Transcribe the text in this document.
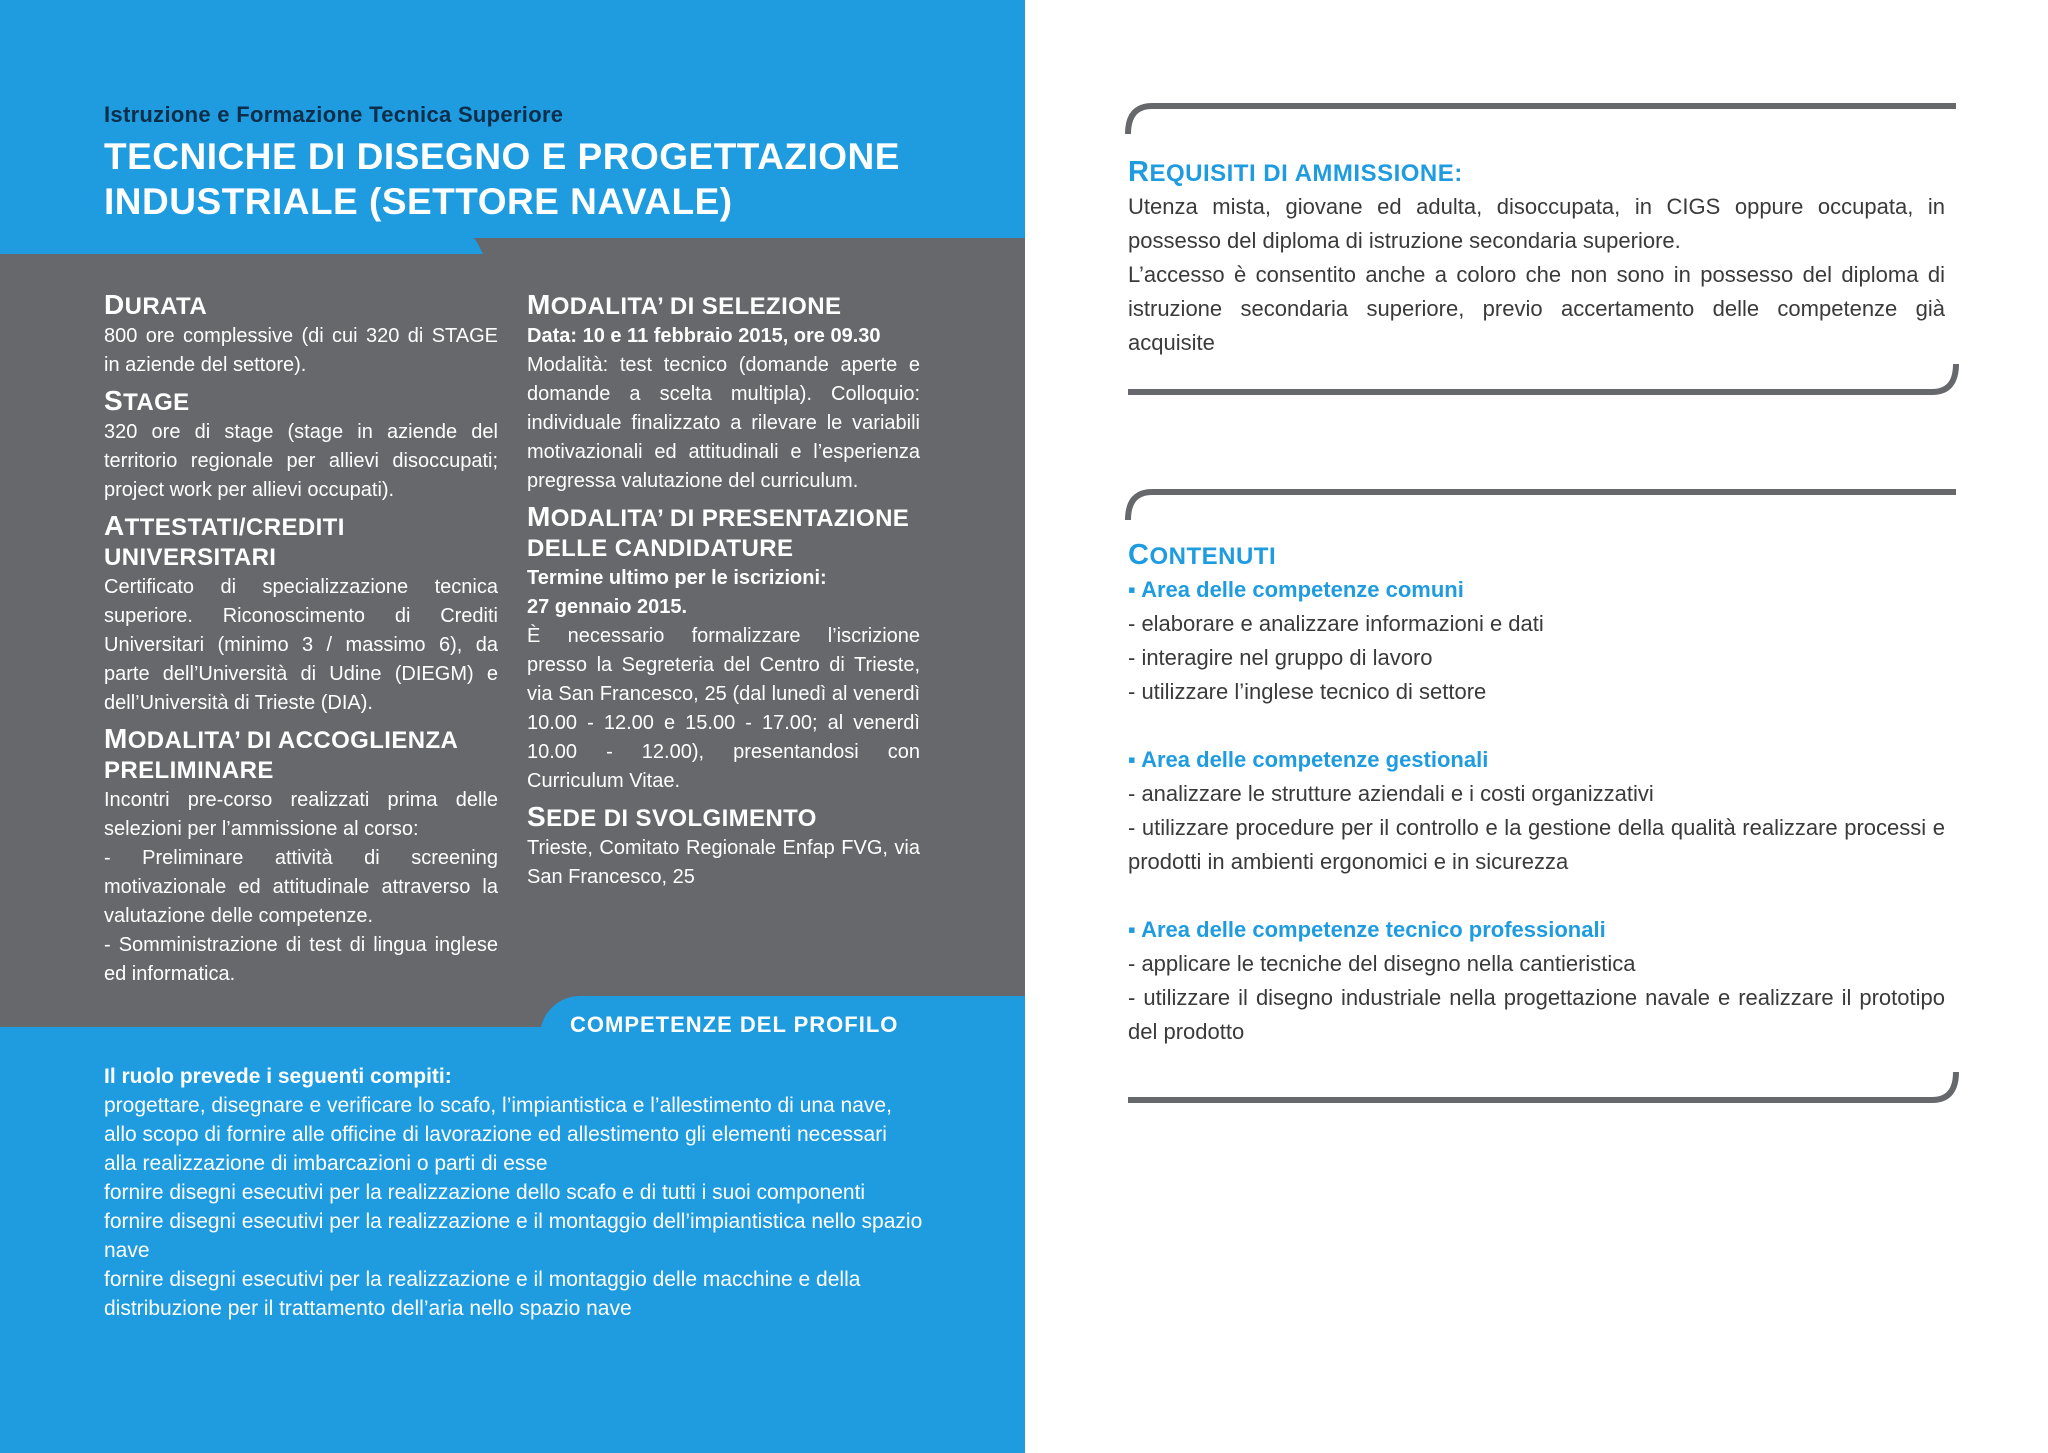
Istruzione e Formazione Tecnica Superiore
TECNICHE DI DISEGNO E PROGETTAZIONE
INDUSTRIALE (SETTORE NAVALE)

DURATA

800 ore complessive (di cui 320 di STAGE in aziende del settore).

STAGE

320 ore di stage (stage in aziende del territorio regionale per allievi disoccupati; project work per allievi occupati).

ATTESTATI/CREDITI UNIVERSITARI

Certificato di specializzazione tecnica superiore. Riconoscimento di Crediti Universitari (minimo 3 / massimo 6), da parte dell’Università di Udine (DIEGM) e dell’Università di Trieste (DIA).

MODALITA’ DI ACCOGLIENZA PRELIMINARE

Incontri pre-corso realizzati prima delle selezioni per l’ammissione al corso:

- Preliminare attività di screening motivazionale ed attitudinale attraverso la valutazione delle competenze.

- Somministrazione di test di lingua inglese ed informatica.

MODALITA’ DI SELEZIONE

Data: 10 e 11 febbraio 2015, ore 09.30

Modalità: test tecnico (domande aperte e domande a scelta multipla). Colloquio: individuale finalizzato a rilevare le variabili motivazionali ed attitudinali e l’esperienza pregressa valutazione del curriculum.

MODALITA’ DI PRESENTAZIONE DELLE CANDIDATURE

Termine ultimo per le iscrizioni:

27 gennaio 2015.

È necessario formalizzare l’iscrizione presso la Segreteria del Centro di Trieste, via San Francesco, 25 (dal lunedì al venerdì 10.00 - 12.00 e 15.00 - 17.00; al venerdì 10.00 - 12.00), presentandosi con Curriculum Vitae.

SEDE DI SVOLGIMENTO

Trieste, Comitato Regionale Enfap FVG, via San Francesco, 25

COMPETENZE DEL PROFILO

Il ruolo prevede i seguenti compiti:

progettare, disegnare e verificare lo scafo, l’impiantistica e l’allestimento di una nave, allo scopo di fornire alle officine di lavorazione ed allestimento gli elementi necessari alla realizzazione di imbarcazioni o parti di esse

fornire disegni esecutivi per la realizzazione dello scafo e di tutti i suoi componenti

fornire disegni esecutivi per la realizzazione e il montaggio dell’impiantistica nello spazio nave

fornire disegni esecutivi per la realizzazione e il montaggio delle macchine e della distribuzione per il trattamento dell’aria nello spazio nave

REQUISITI DI AMMISSIONE:

Utenza mista, giovane ed adulta, disoccupata, in CIGS oppure occupata, in possesso del diploma di istruzione secondaria superiore.

L’accesso è consentito anche a coloro che non sono in possesso del diploma di istruzione secondaria superiore, previo accertamento delle competenze già acquisite

CONTENUTI

▪ Area delle competenze comuni

- elaborare e analizzare informazioni e dati

- interagire nel gruppo di lavoro

- utilizzare l’inglese tecnico di settore

▪ Area delle competenze gestionali

- analizzare le strutture aziendali e i costi organizzativi

- utilizzare procedure per il controllo e la gestione della qualità realizzare processi e prodotti in ambienti ergonomici e in sicurezza

▪ Area delle competenze tecnico professionali

- applicare le tecniche del disegno nella cantieristica

- utilizzare il disegno industriale nella progettazione navale e realizzare il prototipo del prodotto
